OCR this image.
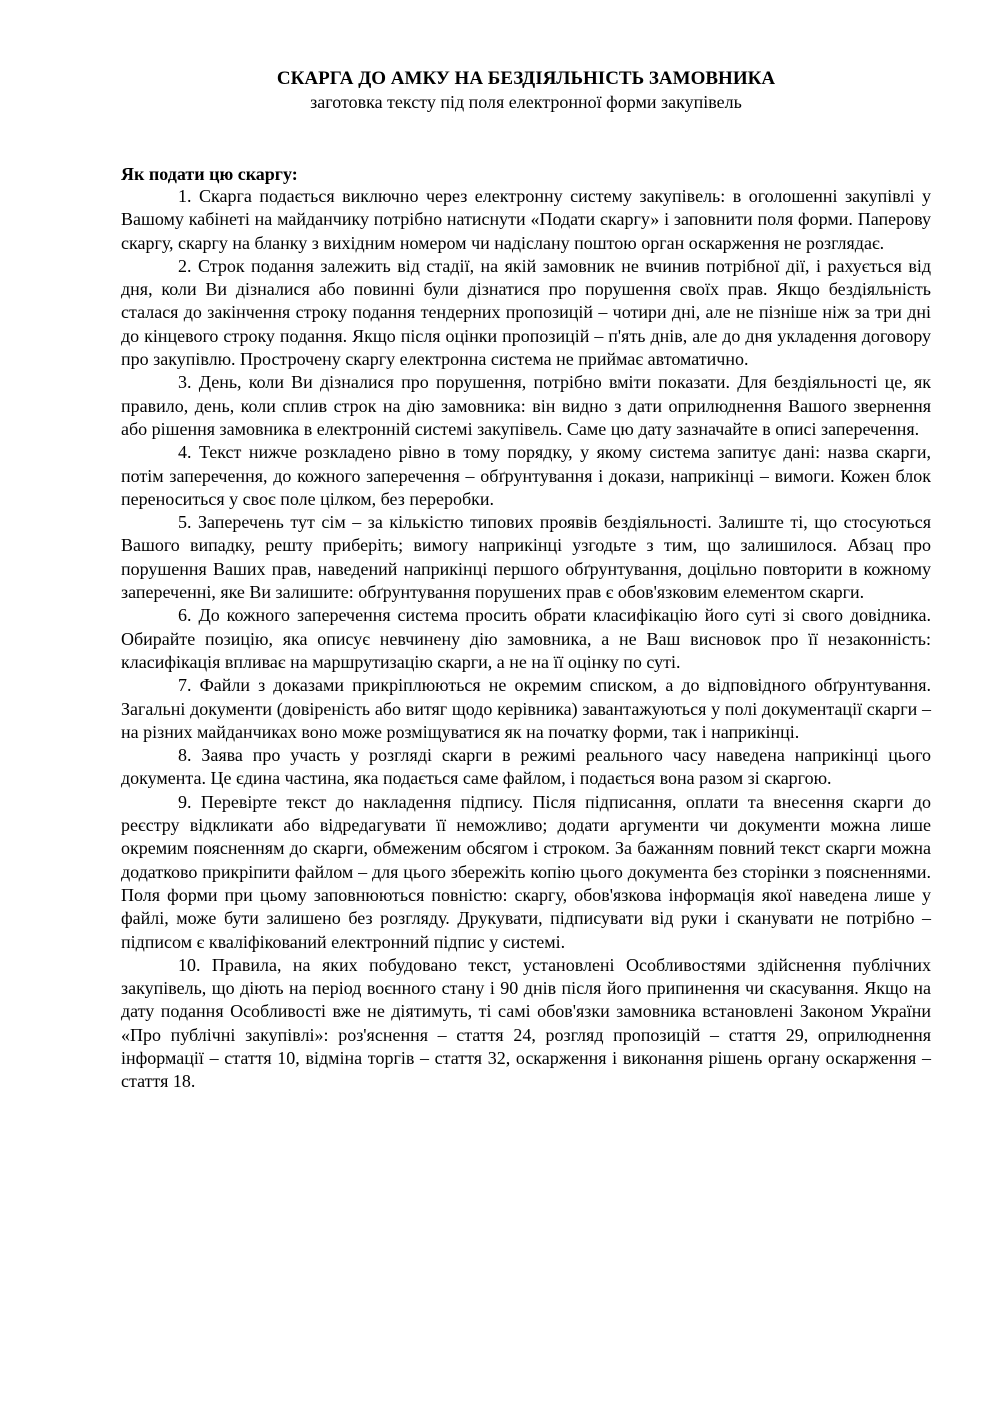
СКАРГА ДО АМКУ НА БЕЗДІЯЛЬНІСТЬ ЗАМОВНИКА

заготовка тексту під поля електронної форми закупівель

Як подати цю скаргу:

1. Скарга подається виключно через електронну систему закупівель: в оголошенні закупівлі у Вашому кабінеті на майданчику потрібно натиснути «Подати скаргу» і заповнити поля форми. Паперову скаргу, скаргу на бланку з вихідним номером чи надіслану поштою орган оскарження не розглядає.

2. Строк подання залежить від стадії, на якій замовник не вчинив потрібної дії, і рахується від дня, коли Ви дізналися або повинні були дізнатися про порушення своїх прав. Якщо бездіяльність сталася до закінчення строку подання тендерних пропозицій – чотири дні, але не пізніше ніж за три дні до кінцевого строку подання. Якщо після оцінки пропозицій – п'ять днів, але до дня укладення договору про закупівлю. Прострочену скаргу електронна система не приймає автоматично.

3. День, коли Ви дізналися про порушення, потрібно вміти показати. Для бездіяльності це, як правило, день, коли сплив строк на дію замовника: він видно з дати оприлюднення Вашого звернення або рішення замовника в електронній системі закупівель. Саме цю дату зазначайте в описі заперечення.

4. Текст нижче розкладено рівно в тому порядку, у якому система запитує дані: назва скарги, потім заперечення, до кожного заперечення – обґрунтування і докази, наприкінці – вимоги. Кожен блок переноситься у своє поле цілком, без переробки.

5. Заперечень тут сім – за кількістю типових проявів бездіяльності. Залиште ті, що стосуються Вашого випадку, решту приберіть; вимогу наприкінці узгодьте з тим, що залишилося. Абзац про порушення Ваших прав, наведений наприкінці першого обґрунтування, доцільно повторити в кожному запереченні, яке Ви залишите: обґрунтування порушених прав є обов'язковим елементом скарги.

6. До кожного заперечення система просить обрати класифікацію його суті зі свого довідника. Обирайте позицію, яка описує невчинену дію замовника, а не Ваш висновок про її незаконність: класифікація впливає на маршрутизацію скарги, а не на її оцінку по суті.

7. Файли з доказами прикріплюються не окремим списком, а до відповідного обґрунтування. Загальні документи (довіреність або витяг щодо керівника) завантажуються у полі документації скарги – на різних майданчиках воно може розміщуватися як на початку форми, так і наприкінці.

8. Заява про участь у розгляді скарги в режимі реального часу наведена наприкінці цього документа. Це єдина частина, яка подається саме файлом, і подається вона разом зі скаргою.

9. Перевірте текст до накладення підпису. Після підписання, оплати та внесення скарги до реєстру відкликати або відредагувати її неможливо; додати аргументи чи документи можна лише окремим поясненням до скарги, обмеженим обсягом і строком. За бажанням повний текст скарги можна додатково прикріпити файлом – для цього збережіть копію цього документа без сторінки з поясненнями. Поля форми при цьому заповнюються повністю: скаргу, обов'язкова інформація якої наведена лише у файлі, може бути залишено без розгляду. Друкувати, підписувати від руки і сканувати не потрібно – підписом є кваліфікований електронний підпис у системі.

10. Правила, на яких побудовано текст, установлені Особливостями здійснення публічних закупівель, що діють на період воєнного стану і 90 днів після його припинення чи скасування. Якщо на дату подання Особливості вже не діятимуть, ті самі обов'язки замовника встановлені Законом України «Про публічні закупівлі»: роз'яснення – стаття 24, розгляд пропозицій – стаття 29, оприлюднення інформації – стаття 10, відміна торгів – стаття 32, оскарження і виконання рішень органу оскарження – стаття 18.
